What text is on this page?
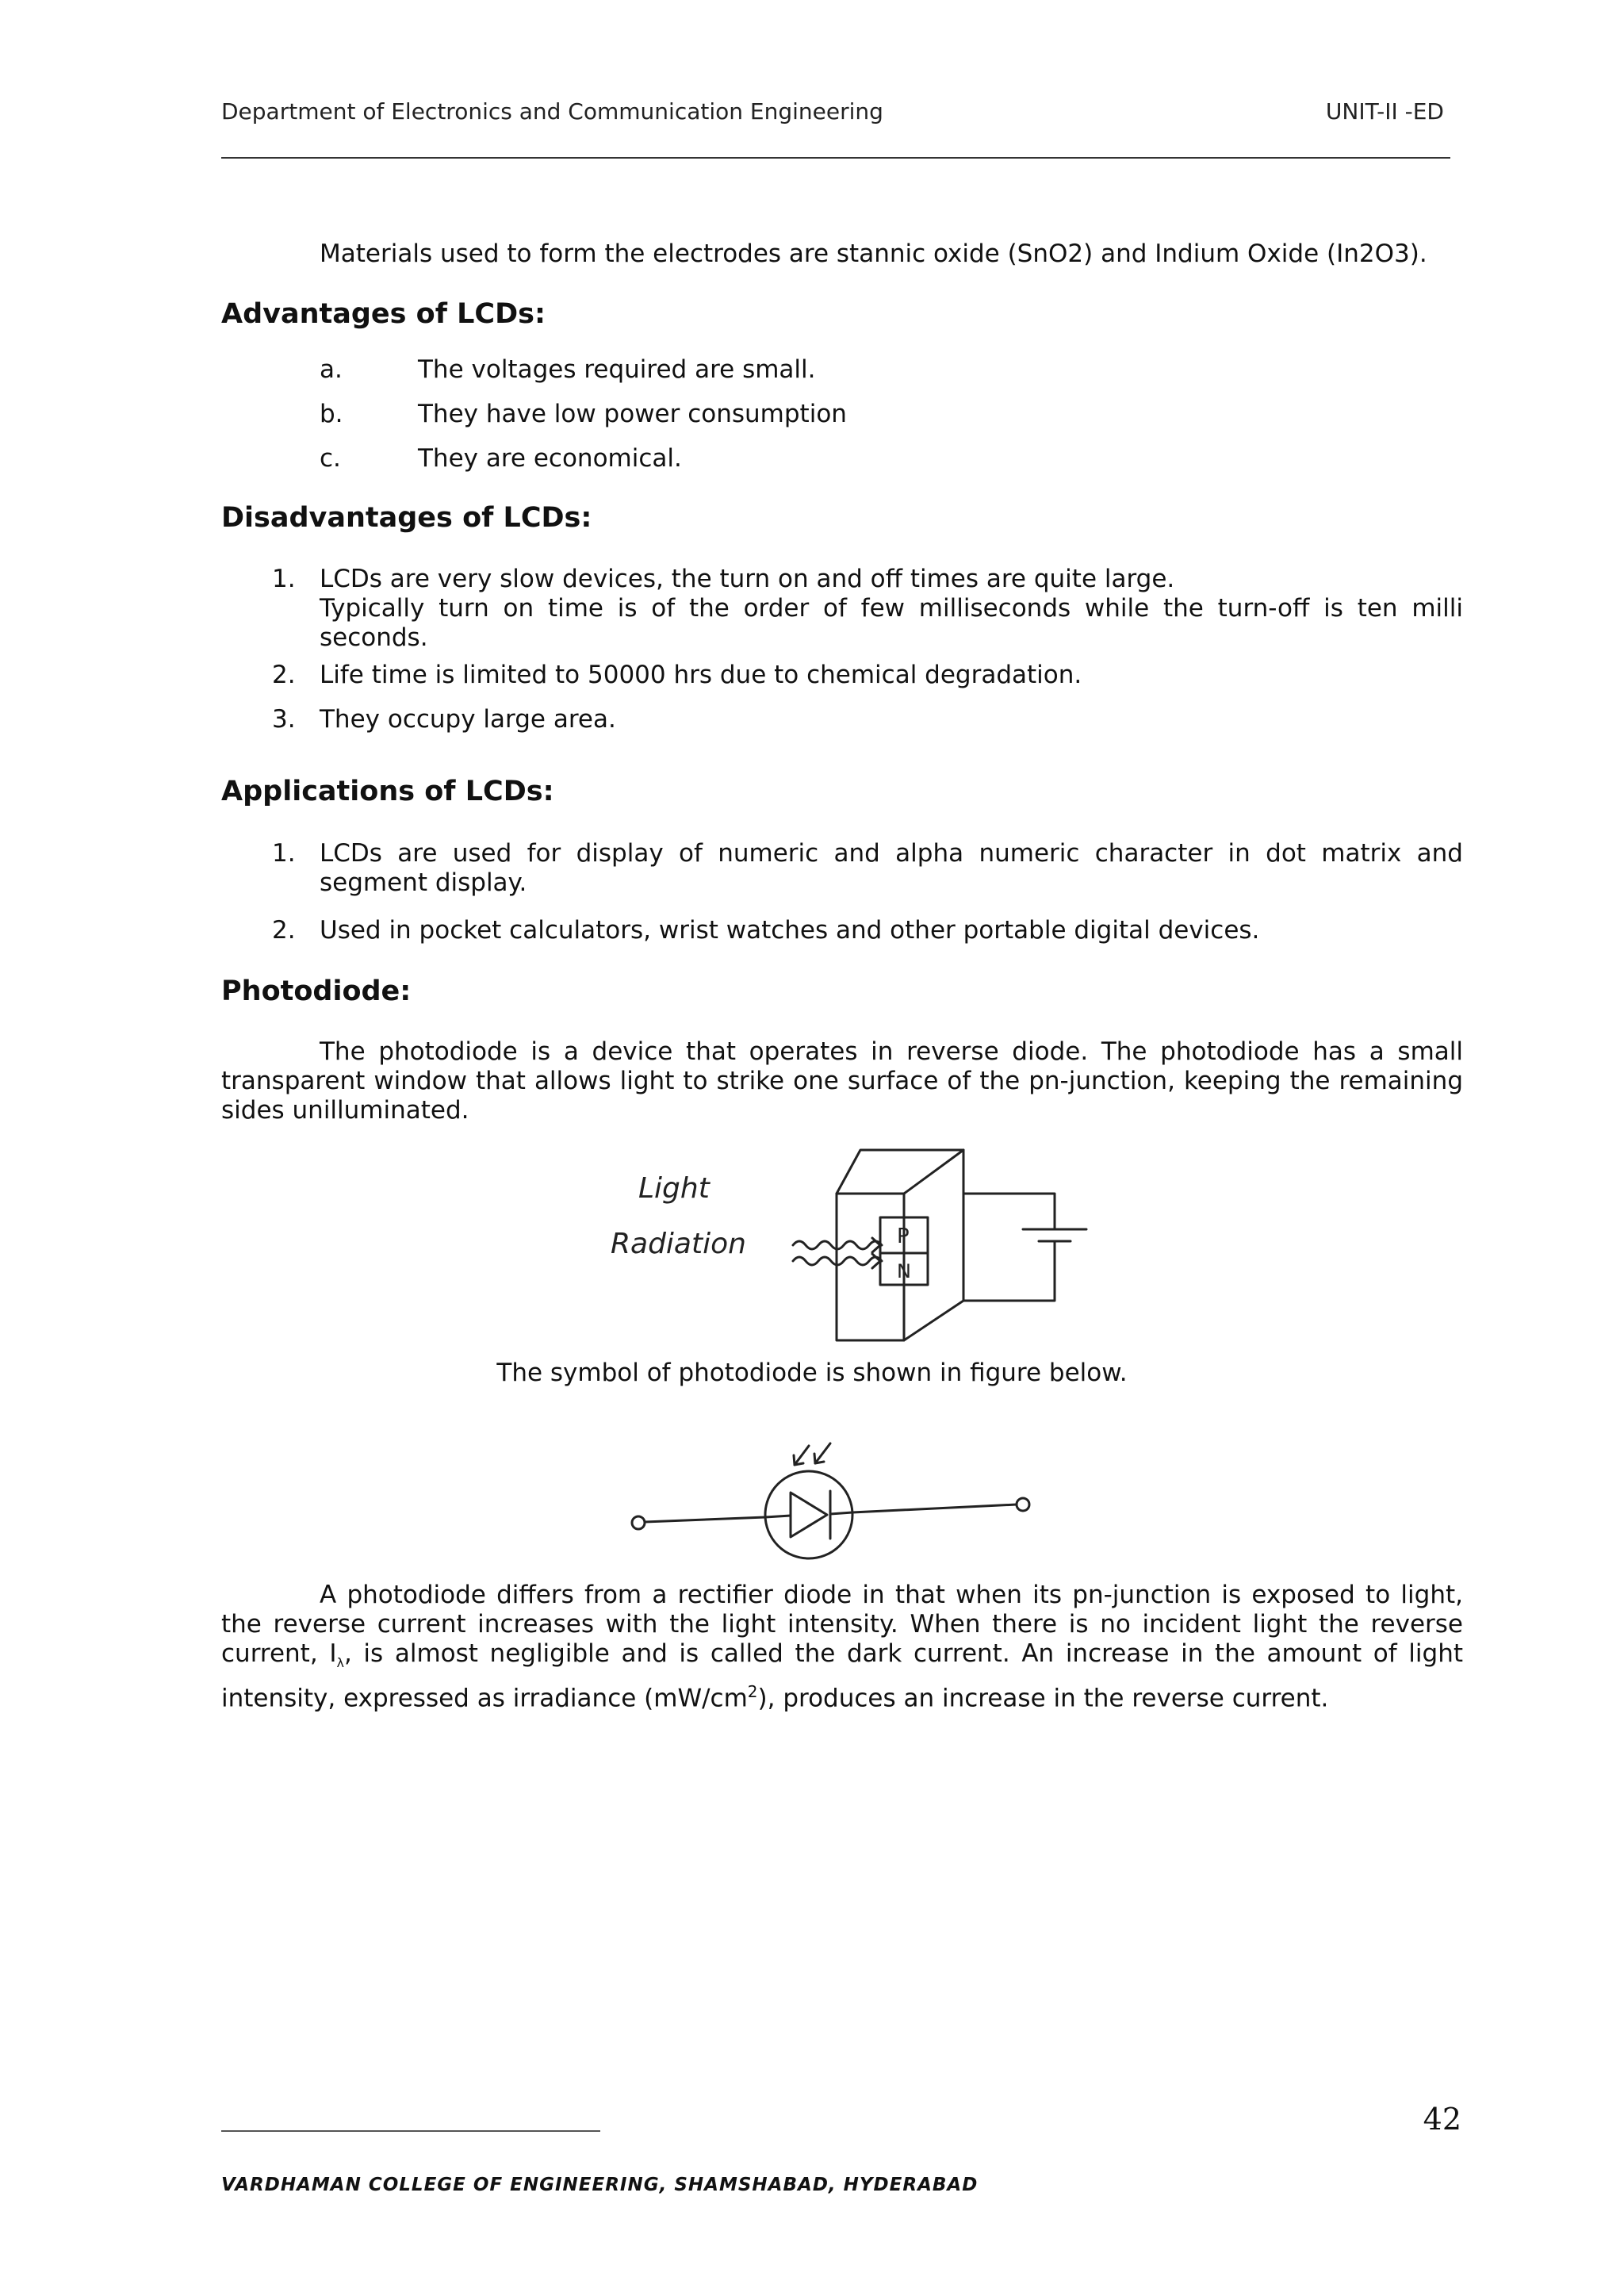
Department of Electronics and Communication Engineering	UNIT-II -ED

Materials used to form the electrodes are stannic oxide (SnO2) and Indium Oxide (In2O3).

Advantages of LCDs:
a.	The voltages required are small.
b.	They have low power consumption
c.	They are economical.
Disadvantages of LCDs:
1. LCDs are very slow devices, the turn on and off times are quite large.
Typically turn on time is of the order of few milliseconds while the turn-off is ten milli seconds.
2. Life time is limited to 50000 hrs due to chemical degradation.
3. They occupy large area.
Applications of LCDs:
1. LCDs are used for display of numeric and alpha numeric character in dot matrix and segment display.
2. Used in pocket calculators, wrist watches and other portable digital devices.
Photodiode:

The photodiode is a device that operates in reverse diode. The photodiode has a small transparent window that allows light to strike one surface of the pn-junction, keeping the remaining sides unilluminated.

Light
Radiation	P
N
The symbol of photodiode is shown in figure below.

A photodiode differs from a rectifier diode in that when its pn-junction is exposed to light, the reverse current increases with the light intensity. When there is no incident light the reverse current, $I_\lambda$, is almost negligible and is called the dark current. An increase in the amount of light intensity, expressed as irradiance $(mW/cm^2)$, produces an increase in the reverse current.

42
VARDHAMAN COLLEGE OF ENGINEERING, SHAMSHABAD, HYDERABAD
